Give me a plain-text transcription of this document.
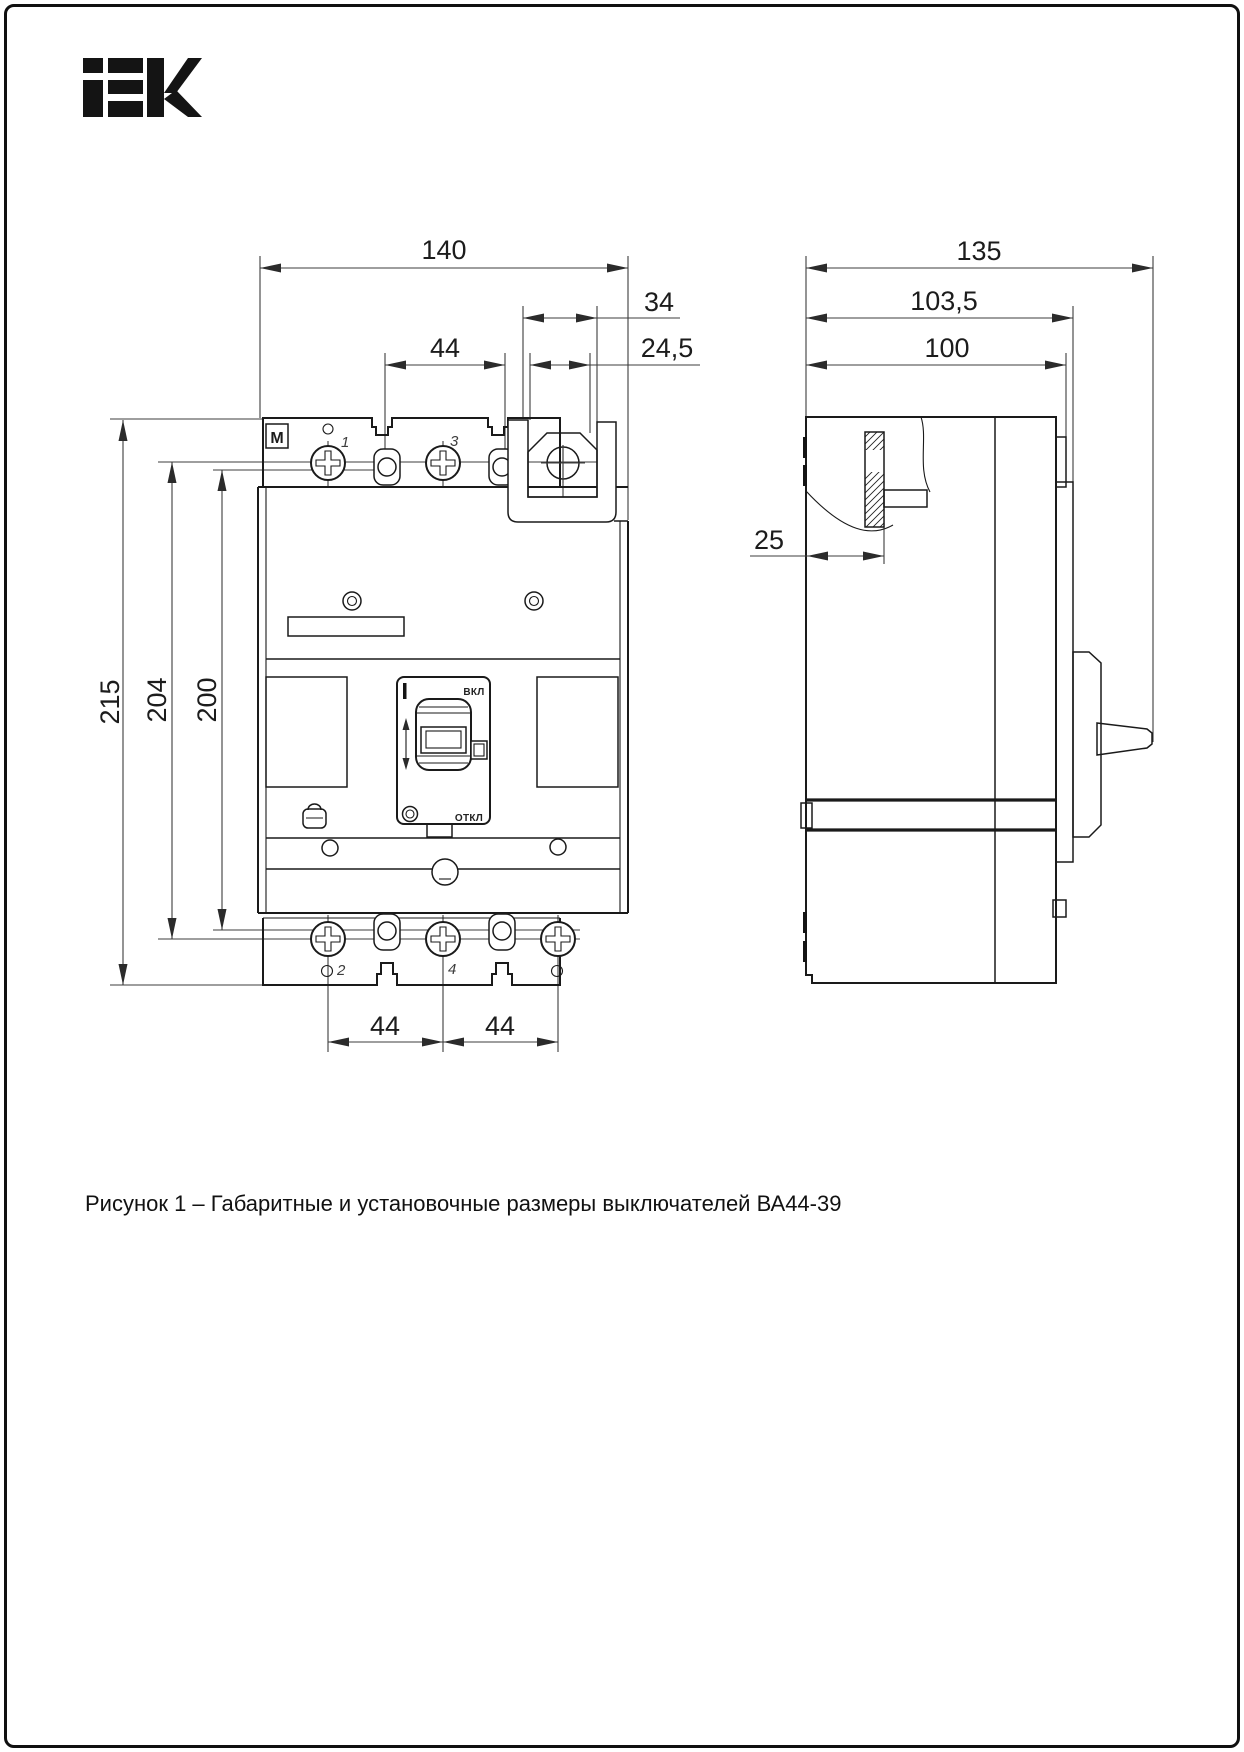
M	1	3
ВКЛ
ОТКЛ
2	4
140
44
34
24,5
215 204 200
44	44
135
103,5
100
25
Рисунок 1 – Габаритные и установочные размеры выключателей ВА44-39
